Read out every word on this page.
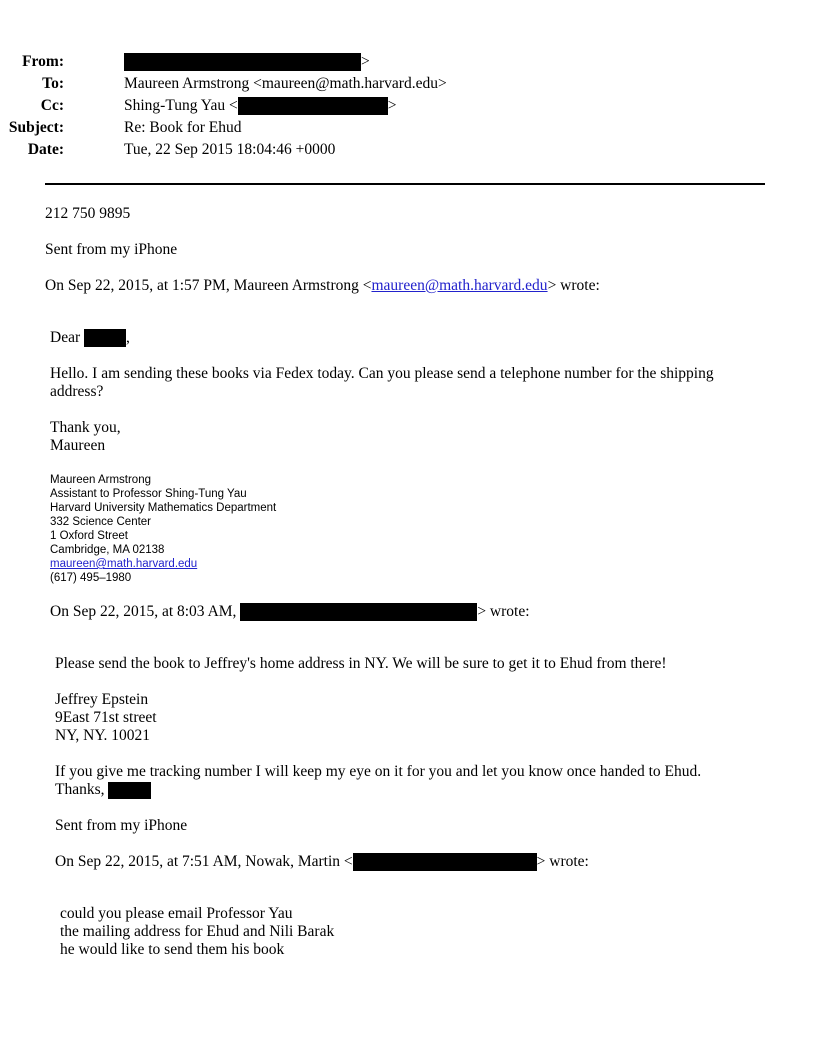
From:	>
To:	Maureen Armstrong <maureen@math.harvard.edu>
Cc:	Shing-Tung Yau <	>
Subject:	Re: Book for Ehud
Date:	Tue, 22 Sep 2015 18:04:46 +0000
212 750 9895
Sent from my iPhone
On Sep 22, 2015, at 1:57 PM, Maureen Armstrong <maureen@math.harvard.edu> wrote:
Dear	,
Hello. I am sending these books via Fedex today. Can you please send a telephone number for the shipping
address?
Thank you,
Maureen
Maureen Armstrong
Assistant to Professor Shing-Tung Yau
Harvard University Mathematics Department
332 Science Center
1 Oxford Street
Cambridge, MA 02138
maureen@math.harvard.edu
(617) 495–1980
On Sep 22, 2015, at 8:03 AM,	> wrote:
Please send the book to Jeffrey's home address in NY. We will be sure to get it to Ehud from there!
Jeffrey Epstein
9East 71st street
NY, NY. 10021
If you give me tracking number I will keep my eye on it for you and let you know once handed to Ehud.
Thanks,
Sent from my iPhone
On Sep 22, 2015, at 7:51 AM, Nowak, Martin <	> wrote:
could you please email Professor Yau
the mailing address for Ehud and Nili Barak
he would like to send them his book
